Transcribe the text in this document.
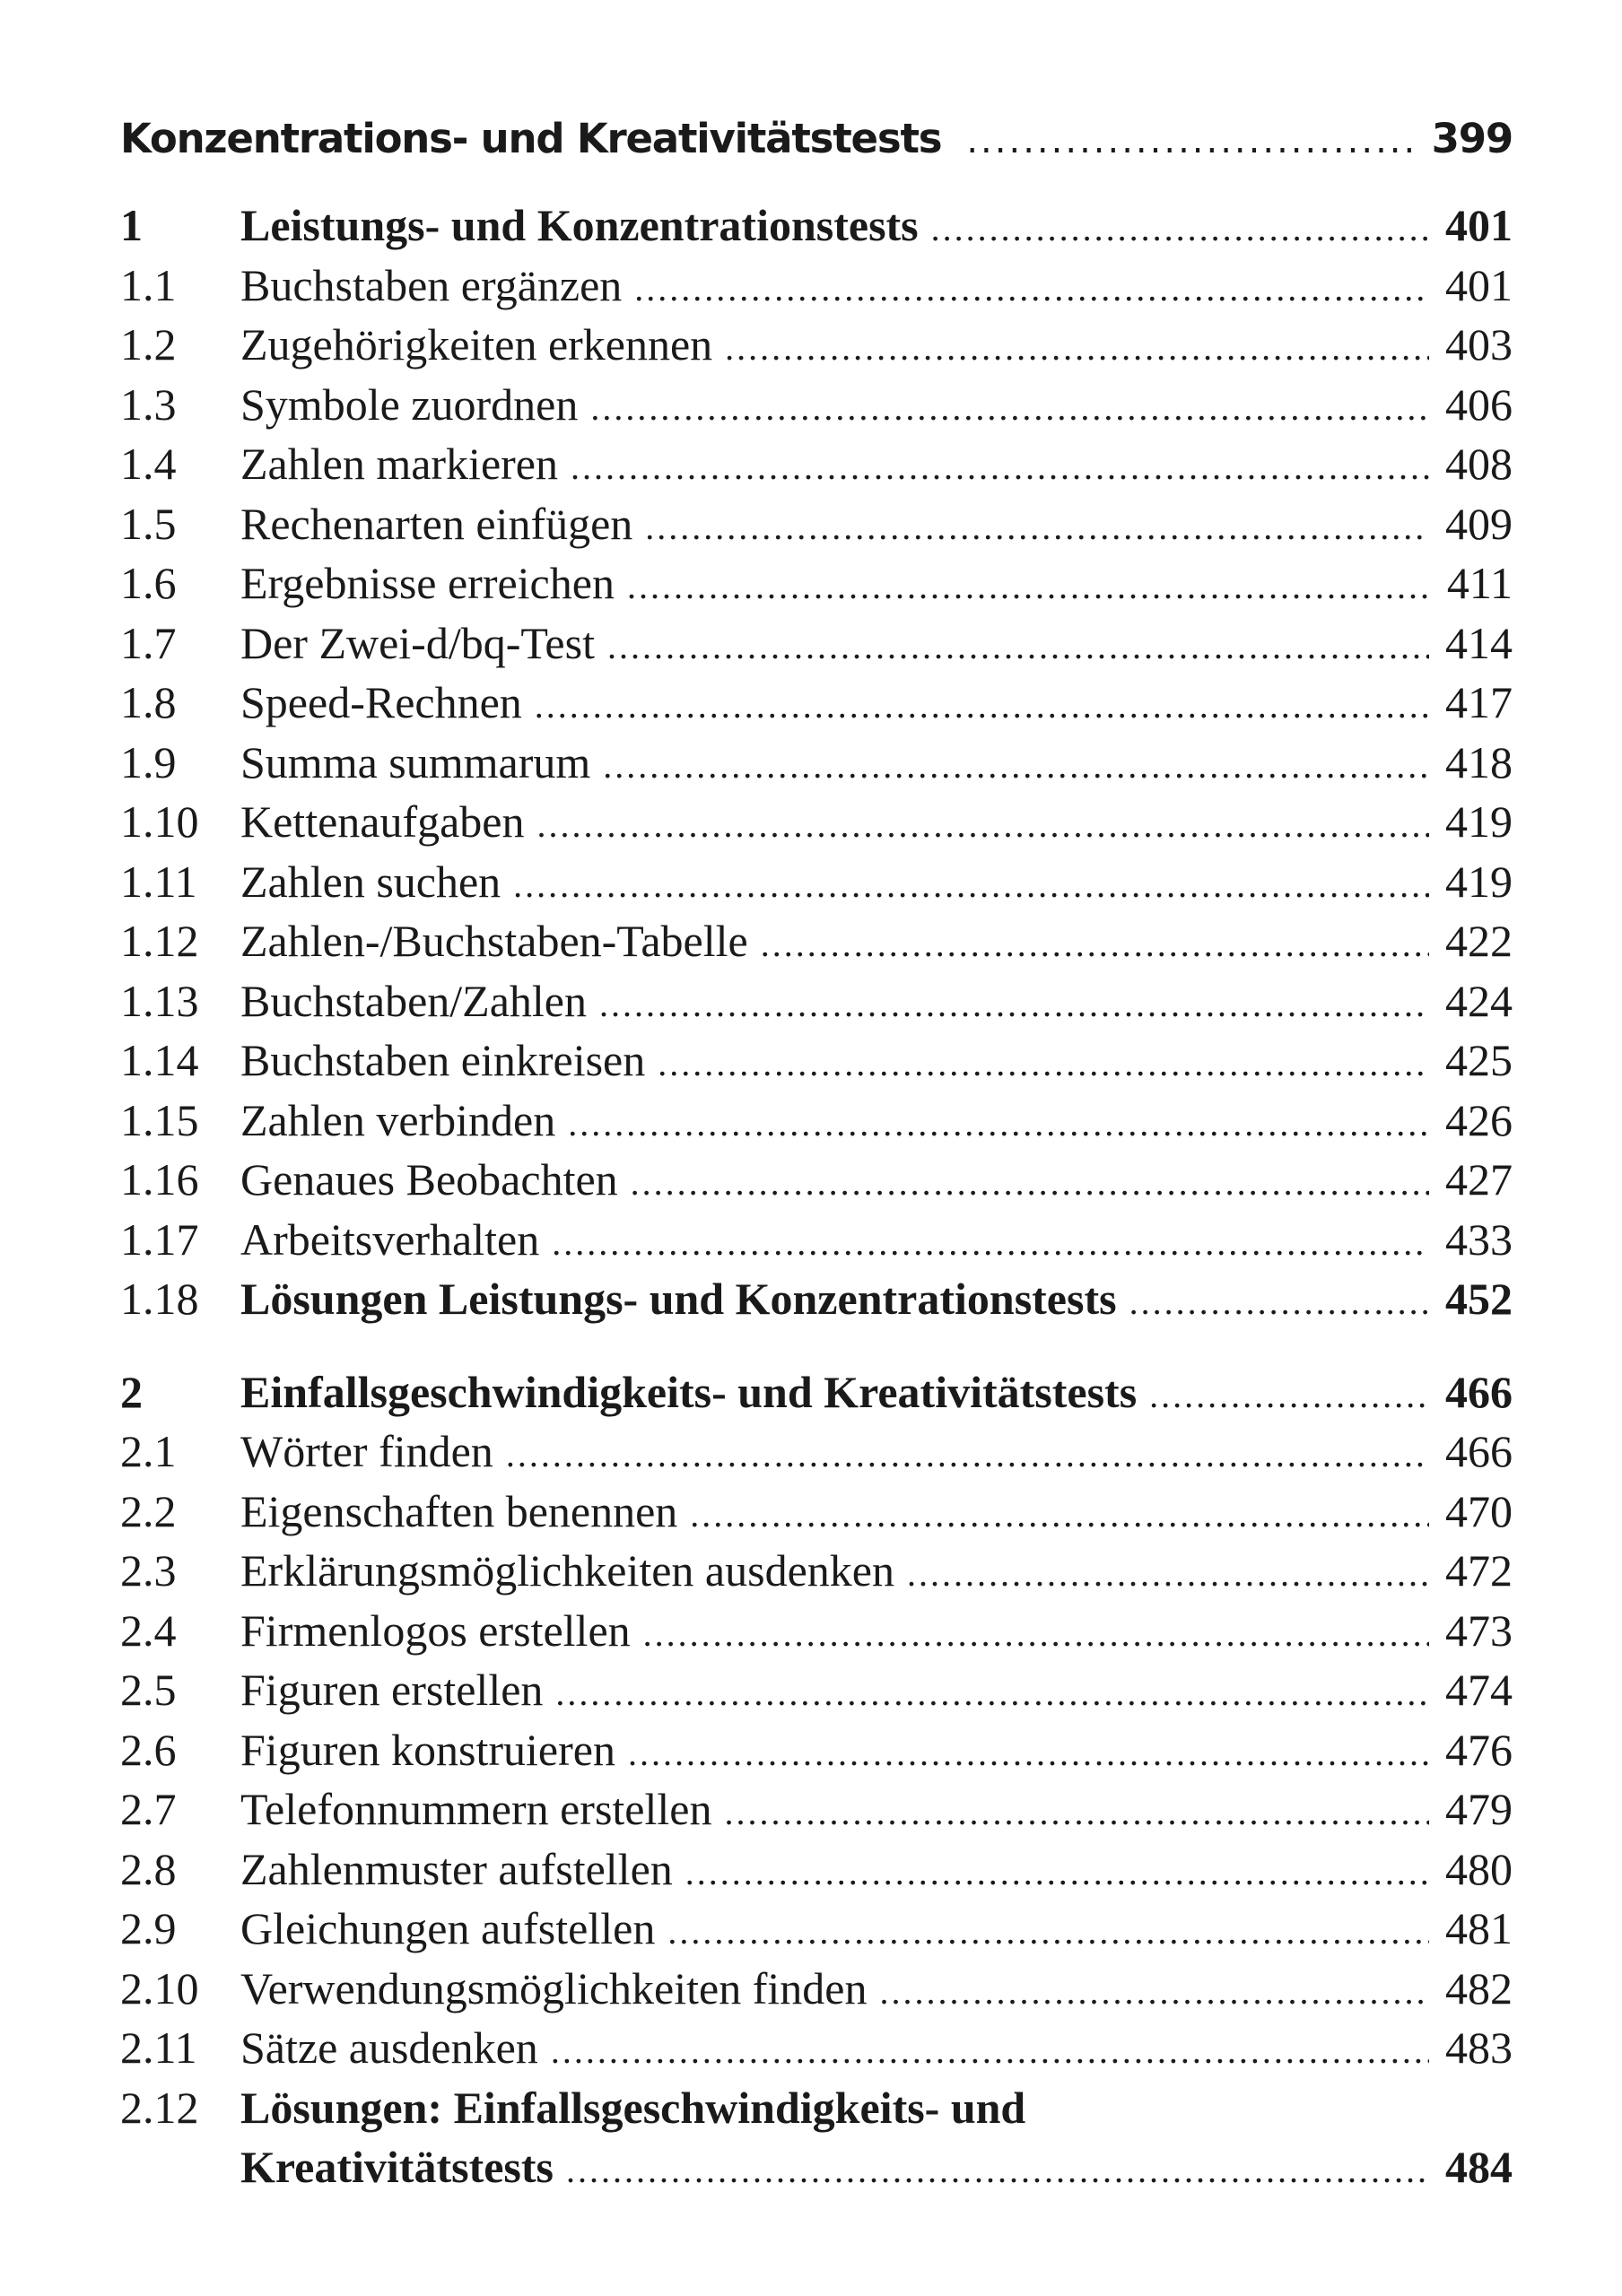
Konzentrations- und Kreativitätstests .....	399
1	Leistungs- und Konzentrationstests .....	401
1.1	Buchstaben ergänzen .....	401
1.2	Zugehörigkeiten erkennen .....	403
1.3	Symbole zuordnen .....	406
1.4	Zahlen markieren .....	408
1.5	Rechenarten einfügen .....	409
1.6	Ergebnisse erreichen .....	411
1.7	Der Zwei-d/bq-Test .....	414
1.8	Speed-Rechnen .....	417
1.9	Summa summarum .....	418
1.10 Kettenaufgaben .....	419
1.11 Zahlen suchen .....	419
1.12 Zahlen-/Buchstaben-Tabelle .....	422
1.13 Buchstaben/Zahlen .....	424
1.14 Buchstaben einkreisen .....	425
1.15 Zahlen verbinden .....	426
1.16 Genaues Beobachten .....	427
1.17 Arbeitsverhalten .....	433
1.18 Lösungen Leistungs- und Konzentrationstests .....	452
2	Einfallsgeschwindigkeits- und Kreativitätstests .....	466
2.1	Wörter finden .....	466
2.2	Eigenschaften benennen .....	470
2.3	Erklärungsmöglichkeiten ausdenken .....	472
2.4	Firmenlogos erstellen .....	473
2.5	Figuren erstellen .....	474
2.6	Figuren konstruieren .....	476
2.7	Telefonnummern erstellen .....	479
2.8	Zahlenmuster aufstellen .....	480
2.9	Gleichungen aufstellen .....	481
2.10 Verwendungsmöglichkeiten finden .....	482
2.11 Sätze ausdenken .....	483
2.12 Lösungen: Einfallsgeschwindigkeits- und
Kreativitätstests .....	484
